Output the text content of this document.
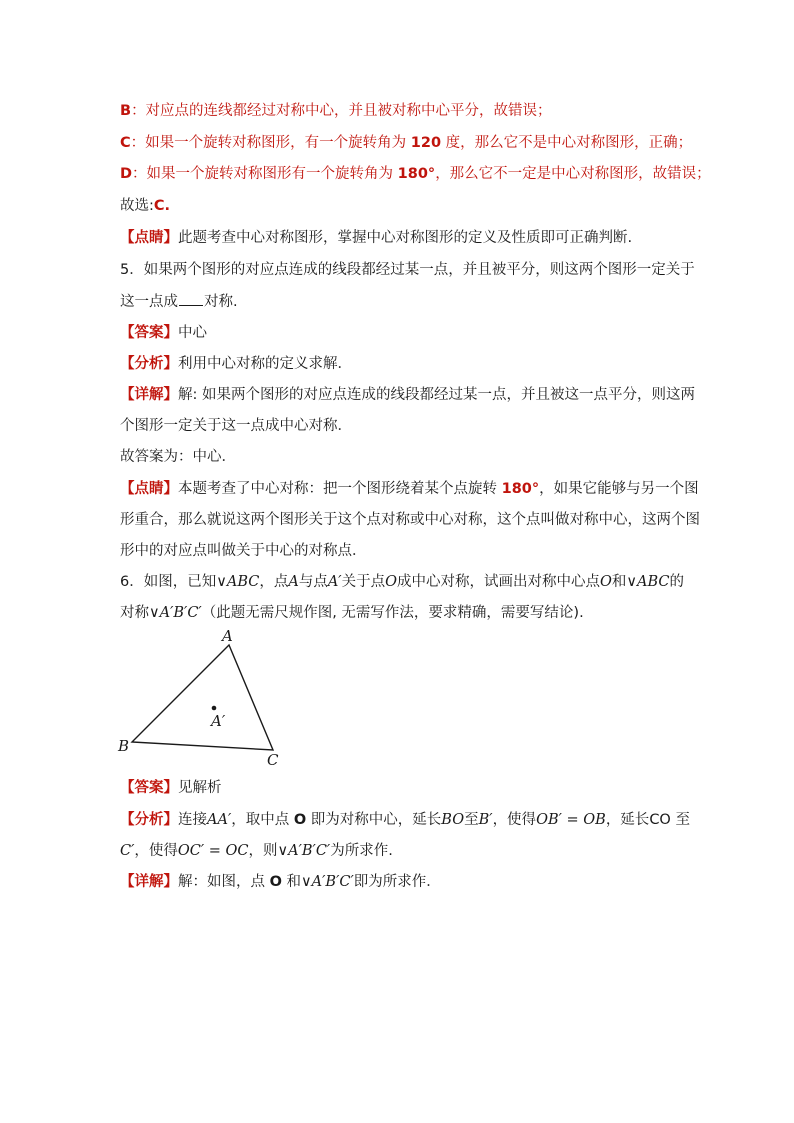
B：对应点的连线都经过对称中心，并且被对称中心平分，故错误；
C：如果一个旋转对称图形，有一个旋转角为 120 度，那么它不是中心对称图形，正确；
D：如果一个旋转对称图形有一个旋转角为 180°，那么它不一定是中心对称图形，故错误；
故选:C.
【点睛】此题考查中心对称图形，掌握中心对称图形的定义及性质即可正确判断.
5．如果两个图形的对应点连成的线段都经过某一点，并且被平分，则这两个图形一定关于
这一点成 对称.
【答案】中心
【分析】利用中心对称的定义求解．
【详解】解: 如果两个图形的对应点连成的线段都经过某一点，并且被这一点平分，则这两
个图形一定关于这一点成中心对称．
故答案为：中心．
【点睛】本题考查了中心对称：把一个图形绕着某个点旋转 180°，如果它能够与另一个图
形重合，那么就说这两个图形关于这个点对称或中心对称，这个点叫做对称中心，这两个图
形中的对应点叫做关于中心的对称点．
6．如图，已知∨ABC，点A与点A′关于点O成中心对称，试画出对称中心点O和∨ABC的
对称∨A′B′C′（此题无需尺规作图, 无需写作法，要求精确，需要写结论).
A
B
C
A′
【答案】见解析
【分析】连接AA′，取中点 O 即为对称中心，延长BO至B′，使得OB′ = OB，延长CO 至
C′，使得OC′ = OC，则∨A′B′C′为所求作.
【详解】解：如图，点 O 和∨A′B′C′即为所求作．
